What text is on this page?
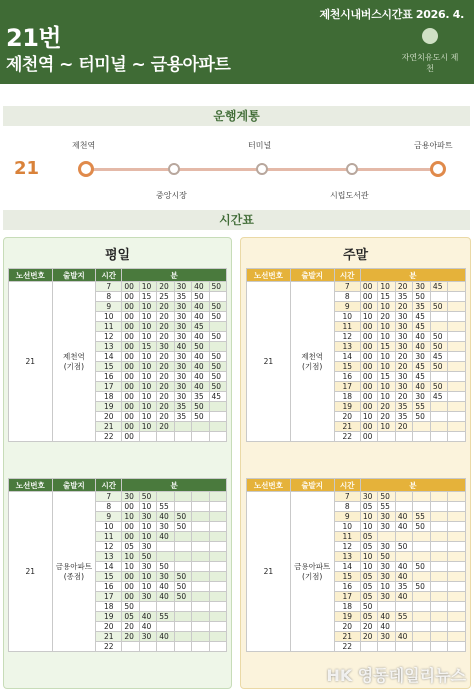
제천시내버스시간표 2026. 4.
21번
제천역 ~ 터미널 ~ 금용아파트	자연치유도시 제천
운행계통
21
제천역
중앙시장
터미널
시립도서관
금용아파트
시간표
평일	주말
노선번호	출발지	시간	분					
21	제천역
(기점)	7	00	10	20	30	40	50
		8	00	15	25	35	50	
		9	00	10	20	30	40	50
		10	00	10	20	30	40	50
		11	00	10	20	30	45	
		12	00	10	20	30	40	50
		13	00	15	30	40	50	
		14	00	10	20	30	40	50
		15	00	10	20	30	40	50
		16	00	10	20	30	40	50
		17	00	10	20	30	40	50
		18	00	10	20	30	35	45
		19	00	10	20	35	50	
		20	00	10	20	35	50	
		21	00	10	20			
		22	00					
노선번호	출발지	시간	분					
21	금용아파트
(종점)	7	30	50				
		8	00	10	55			
		9	10	30	40	50		
		10	00	10	30	50		
		11	00	10	40			
		12	05	30				
		13	10	50				
		14	10	30	50			
		15	00	10	30	50		
		16	00	10	40	50		
		17	00	30	40	50		
		18	50					
		19	05	40	55			
		20	20	40				
		21	20	30	40			
		22						
노선번호	출발지	시간	분					
21	제천역
(기점)	7	00	10	20	30	45	
		8	00	15	35	50		
		9	00	10	20	35	50	
		10	10	20	30	45		
		11	00	10	30	45		
		12	00	10	30	40	50	
		13	00	15	30	40	50	
		14	00	10	20	30	45	
		15	00	10	20	45	50	
		16	00	15	30	45		
		17	00	10	30	40	50	
		18	00	10	20	30	45	
		19	00	20	35	55		
		20	10	20	35	50		
		21	00	10	20			
		22	00					
노선번호	출발지	시간	분					
21	금용아파트
(기점)	7	30	50				
		8	05	55				
		9	10	30	40	55		
		10	10	30	40	50		
		11	05					
		12	05	30	50			
		13	10	50				
		14	10	30	40	50		
		15	05	30	40			
		16	05	10	35	50		
		17	05	30	40			
		18	50					
		19	05	40	55			
		20	20	40				
		21	20	30	40			
		22						
HK 영동데일리뉴스
